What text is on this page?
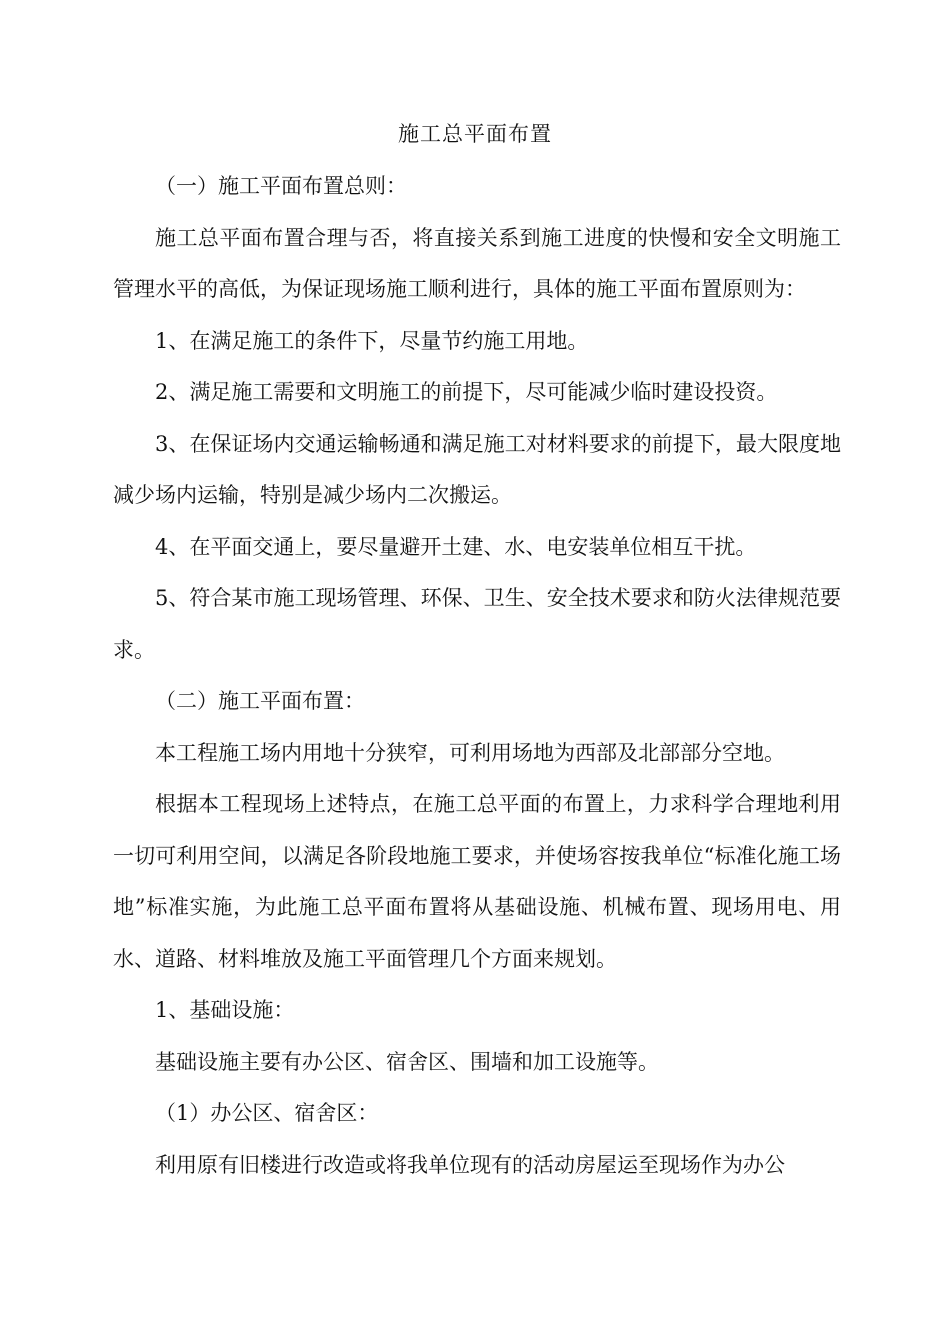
施工总平面布置

（一）施工平面布置总则：

施工总平面布置合理与否，将直接关系到施工进度的快慢和安全文明施工管理水平的高低，为保证现场施工顺利进行，具体的施工平面布置原则为：

1、在满足施工的条件下，尽量节约施工用地。

2、满足施工需要和文明施工的前提下，尽可能减少临时建设投资。

3、在保证场内交通运输畅通和满足施工对材料要求的前提下，最大限度地减少场内运输，特别是减少场内二次搬运。

4、在平面交通上，要尽量避开土建、水、电安装单位相互干扰。

5、符合某市施工现场管理、环保、卫生、安全技术要求和防火法律规范要求。

（二）施工平面布置：

本工程施工场内用地十分狭窄，可利用场地为西部及北部部分空地。

根据本工程现场上述特点，在施工总平面的布置上，力求科学合理地利用一切可利用空间，以满足各阶段地施工要求，并使场容按我单位“标准化施工场地”标准实施，为此施工总平面布置将从基础设施、机械布置、现场用电、用水、道路、材料堆放及施工平面管理几个方面来规划。

1、基础设施：

基础设施主要有办公区、宿舍区、围墙和加工设施等。

（1）办公区、宿舍区：

利用原有旧楼进行改造或将我单位现有的活动房屋运至现场作为办公
